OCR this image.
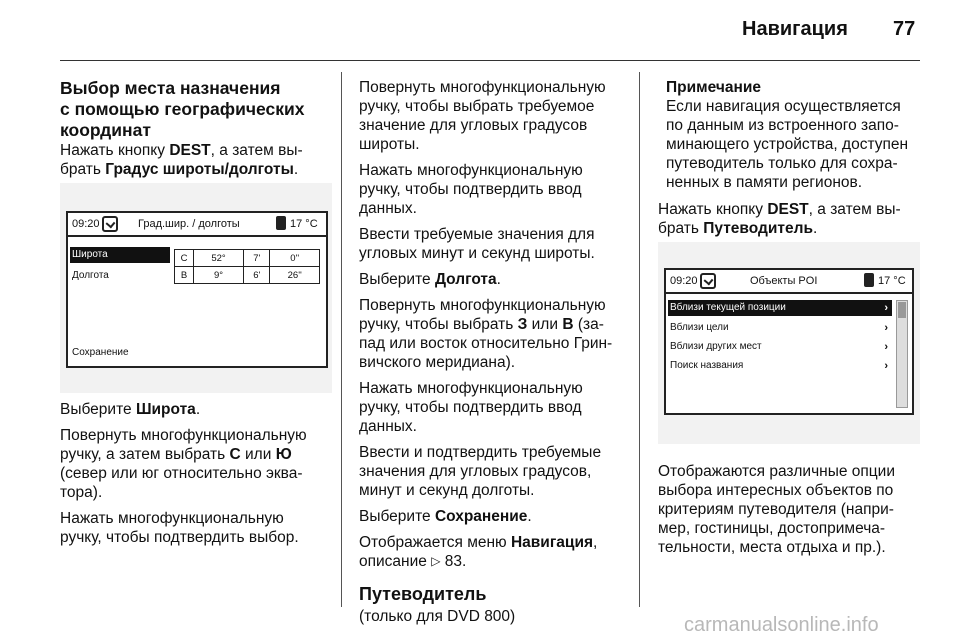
Навигация 77
Выбор места назначения
с помощью географических
координат

Нажать кнопку DEST, а затем вы-
брать Градус широты/долготы.

09:20	Град.шир. / долготы	17 °C
Широта
Долгота
Сохранение
С	52°	7'	0''
В	9°	6'	26''

Выберите Широта.

Повернуть многофункциональную
ручку, а затем выбрать С или Ю
(север или юг относительно эква-
тора).

Нажать многофункциональную
ручку, чтобы подтвердить выбор.

Повернуть многофункциональную
ручку, чтобы выбрать требуемое
значение для угловых градусов
широты.

Нажать многофункциональную
ручку, чтобы подтвердить ввод
данных.

Ввести требуемые значения для
угловых минут и секунд широты.

Выберите Долгота.

Повернуть многофункциональную
ручку, чтобы выбрать З или В (за-
пад или восток относительно Грин-
вичского меридиана).

Нажать многофункциональную
ручку, чтобы подтвердить ввод
данных.

Ввести и подтвердить требуемые
значения для угловых градусов,
минут и секунд долготы.

Выберите Сохранение.

Отображается меню Навигация,
описание ▷ 83.

Путеводитель
(только для DVD 800)
Примечание
Если навигация осуществляется
по данным из встроенного запо-
минающего устройства, доступен
путеводитель только для сохра-
ненных в памяти регионов.

Нажать кнопку DEST, а затем вы-
брать Путеводитель.

09:20	Объекты POI	17 °C
Вблизи текущей позиции	›
Вблизи цели	›
Вблизи других мест	›
Поиск названия	›

Отображаются различные опции
выбора интересных объектов по
критериям путеводителя (напри-
мер, гостиницы, достопримеча-
тельности, места отдыха и пр.).

carmanualsonline.info
